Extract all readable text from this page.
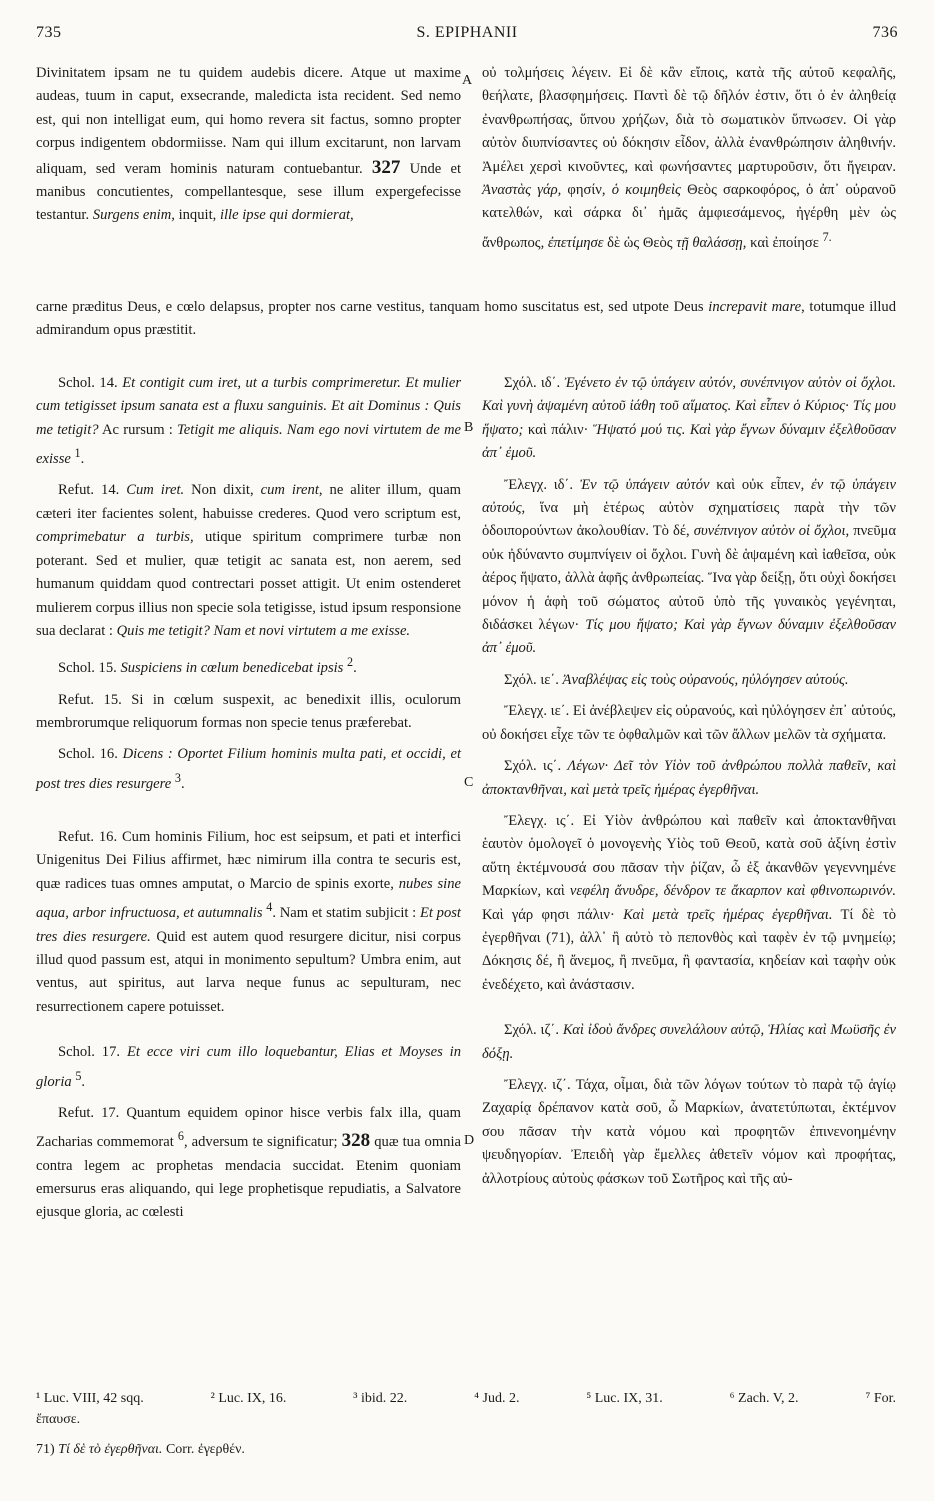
735	S. EPIPHANII	736
A
B
C
D

Divinitatem ipsam ne tu quidem audebis dicere. Atque ut maxime audeas, tuum in caput, exsecrande, maledicta ista recident. Sed nemo est, qui non intelligat eum, qui homo revera sit factus, somno propter corpus indigentem obdormiisse. Nam qui illum excitarunt, non larvam aliquam, sed veram hominis naturam contuebantur. 327 Unde et manibus concutientes, compellantesque, sese illum expergefecisse testantur. Surgens enim, inquit, ille ipse qui dormierat,

οὐ τολμήσεις λέγειν. Εἰ δὲ κἂν εἴποις, κατὰ τῆς αὐτοῦ κεφαλῆς, θεήλατε, βλασφημήσεις. Παντὶ δὲ τῷ δῆλόν ἐστιν, ὅτι ὁ ἐν ἀληθείᾳ ἐνανθρωπήσας, ὕπνου χρήζων, διὰ τὸ σωματικὸν ὕπνωσεν. Οἱ γὰρ αὐτὸν διυπνίσαντες οὐ δόκησιν εἶδον, ἀλλὰ ἐνανθρώπησιν ἀληθινήν. Ἀμέλει χερσὶ κινοῦντες, καὶ φωνήσαντες μαρτυροῦσιν, ὅτι ἤγειραν. Ἀναστὰς γάρ, φησίν, ὁ κοιμηθεὶς Θεὸς σαρκοφόρος, ὁ ἀπ᾽ οὐρανοῦ κατελθών, καὶ σάρκα δι᾽ ἡμᾶς ἀμφιεσάμενος, ἠγέρθη μὲν ὡς ἄνθρωπος, ἐπετίμησε δὲ ὡς Θεὸς τῇ θαλάσσῃ, καὶ ἐποίησε $^{7.}$

carne præditus Deus, e cœlo delapsus, propter nos carne vestitus, tanquam homo suscitatus est, sed utpote Deus increpavit mare, totumque illud admirandum opus præstitit.

Schol. 14. Et contigit cum iret, ut a turbis comprimeretur. Et mulier cum tetigisset ipsum sanata est a fluxu sanguinis. Et ait Dominus : Quis me tetigit? Ac rursum : Tetigit me aliquis. Nam ego novi virtutem de me exisse $^1$.

Refut. 14. Cum iret. Non dixit, cum irent, ne aliter illum, quam cæteri iter facientes solent, habuisse crederes. Quod vero scriptum est, comprimebatur a turbis, utique spiritum comprimere turbæ non poterant. Sed et mulier, quæ tetigit ac sanata est, non aerem, sed humanum quiddam quod contrectari posset attigit. Ut enim ostenderet mulierem corpus illius non specie sola tetigisse, istud ipsum responsione sua declarat : Quis me tetigit? Nam et novi virtutem a me exisse.

Schol. 15. Suspiciens in cœlum benedicebat ipsis $^2$.

Refut. 15. Si in cœlum suspexit, ac benedixit illis, oculorum membrorumque reliquorum formas non specie tenus præferebat.

Schol. 16. Dicens : Oportet Filium hominis multa pati, et occidi, et post tres dies resurgere $^3$.

Refut. 16. Cum hominis Filium, hoc est seipsum, et pati et interfici Unigenitus Dei Filius affirmet, hæc nimirum illa contra te securis est, quæ radices tuas omnes amputat, o Marcio de spinis exorte, nubes sine aqua, arbor infructuosa, et autumnalis $^4$. Nam et statim subjicit : Et post tres dies resurgere. Quid est autem quod resurgere dicitur, nisi corpus illud quod passum est, atqui in monimento sepultum? Umbra enim, aut ventus, aut spiritus, aut larva neque funus ac sepulturam, nec resurrectionem capere potuisset.

Schol. 17. Et ecce viri cum illo loquebantur, Elias et Moyses in gloria $^5$.

Refut. 17. Quantum equidem opinor hisce verbis falx illa, quam Zacharias commemorat $^6$, adversum te significatur; 328 quæ tua omnia contra legem ac prophetas mendacia succidat. Etenim quoniam emersurus eras aliquando, qui lege prophetisque repudiatis, a Salvatore ejusque gloria, ac cœlesti

Σχόλ. ιδ΄. Ἐγένετο ἐν τῷ ὑπάγειν αὐτόν, συνέπνιγον αὐτὸν οἱ ὄχλοι. Καὶ γυνὴ ἁψαμένη αὐτοῦ ἰάθη τοῦ αἵματος. Καὶ εἶπεν ὁ Κύριος· Τίς μου ἥψατο; καὶ πάλιν· Ἥψατό μού τις. Καὶ γὰρ ἔγνων δύναμιν ἐξελθοῦσαν ἀπ᾽ ἐμοῦ.

Ἔλεγχ. ιδ΄. Ἐν τῷ ὑπάγειν αὐτόν καὶ οὐκ εἶπεν, ἐν τῷ ὑπάγειν αὐτούς, ἵνα μὴ ἑτέρως αὐτὸν σχηματίσεις παρὰ τὴν τῶν ὁδοιπορούντων ἀκολουθίαν. Τὸ δέ, συνέπνιγον αὐτὸν οἱ ὄχλοι, πνεῦμα οὐκ ἠδύναντο συμπνίγειν οἱ ὄχλοι. Γυνὴ δὲ ἁψαμένη καὶ ἰαθεῖσα, οὐκ ἀέρος ἥψατο, ἀλλὰ ἁφῆς ἀνθρωπείας. Ἵνα γὰρ δείξῃ, ὅτι οὐχὶ δοκήσει μόνον ἡ ἁφὴ τοῦ σώματος αὐτοῦ ὑπὸ τῆς γυναικὸς γεγένηται, διδάσκει λέγων· Τίς μου ἥψατο; Καὶ γὰρ ἔγνων δύναμιν ἐξελθοῦσαν ἀπ᾽ ἐμοῦ.

Σχόλ. ιε΄. Ἀναβλέψας εἰς τοὺς οὐρανούς, ηὐλόγησεν αὐτούς.

Ἔλεγχ. ιε΄. Εἰ ἀνέβλεψεν εἰς οὐρανούς, καὶ ηὐλόγησεν ἐπ᾽ αὐτούς, οὐ δοκήσει εἶχε τῶν τε ὀφθαλμῶν καὶ τῶν ἄλλων μελῶν τὰ σχήματα.

Σχόλ. ις΄. Λέγων· Δεῖ τὸν Υἱὸν τοῦ ἀνθρώπου πολλὰ παθεῖν, καὶ ἀποκτανθῆναι, καὶ μετὰ τρεῖς ἡμέρας ἐγερθῆναι.

Ἔλεγχ. ις΄. Εἰ Υἱὸν ἀνθρώπου καὶ παθεῖν καὶ ἀποκτανθῆναι ἑαυτὸν ὁμολογεῖ ὁ μονογενὴς Υἱὸς τοῦ Θεοῦ, κατὰ σοῦ ἀξίνη ἐστὶν αὕτη ἐκτέμνουσά σου πᾶσαν τὴν ῥίζαν, ὦ ἐξ ἀκανθῶν γεγεννημένε Μαρκίων, καὶ νεφέλη ἄνυδρε, δένδρον τε ἄκαρπον καὶ φθινοπωρινόν. Καὶ γάρ φησι πάλιν· Καὶ μετὰ τρεῖς ἡμέρας ἐγερθῆναι. Τί δὲ τὸ ἐγερθῆναι (71), ἀλλ᾽ ἢ αὐτὸ τὸ πεπονθὸς καὶ ταφὲν ἐν τῷ μνημείῳ; Δόκησις δέ, ἢ ἄνεμος, ἢ πνεῦμα, ἢ φαντασία, κηδείαν καὶ ταφὴν οὐκ ἐνεδέχετο, καὶ ἀνάστασιν.

Σχόλ. ιζ΄. Καὶ ἰδοὺ ἄνδρες συνελάλουν αὐτῷ, Ἡλίας καὶ Μωϋσῆς ἐν δόξῃ.

Ἔλεγχ. ιζ΄. Τάχα, οἶμαι, διὰ τῶν λόγων τούτων τὸ παρὰ τῷ ἁγίῳ Ζαχαρίᾳ δρέπανον κατὰ σοῦ, ὦ Μαρκίων, ἀνατετύπωται, ἐκτέμνον σου πᾶσαν τὴν κατὰ νόμου καὶ προφητῶν ἐπινενοημένην ψευδηγορίαν. Ἐπειδὴ γὰρ ἔμελλες ἀθετεῖν νόμον καὶ προφήτας, ἀλλοτρίους αὐτοὺς φάσκων τοῦ Σωτῆρος καὶ τῆς αὐ-

¹ Luc. VIII, 42 sqq.	² Luc. IX, 16.	³ ibid. 22.	⁴ Jud. 2.	⁵ Luc. IX, 31.	⁶ Zach. V, 2.	⁷ For.
ἔπαυσε.
71) Τί δὲ τὸ ἐγερθῆναι. Corr. ἐγερθέν.
